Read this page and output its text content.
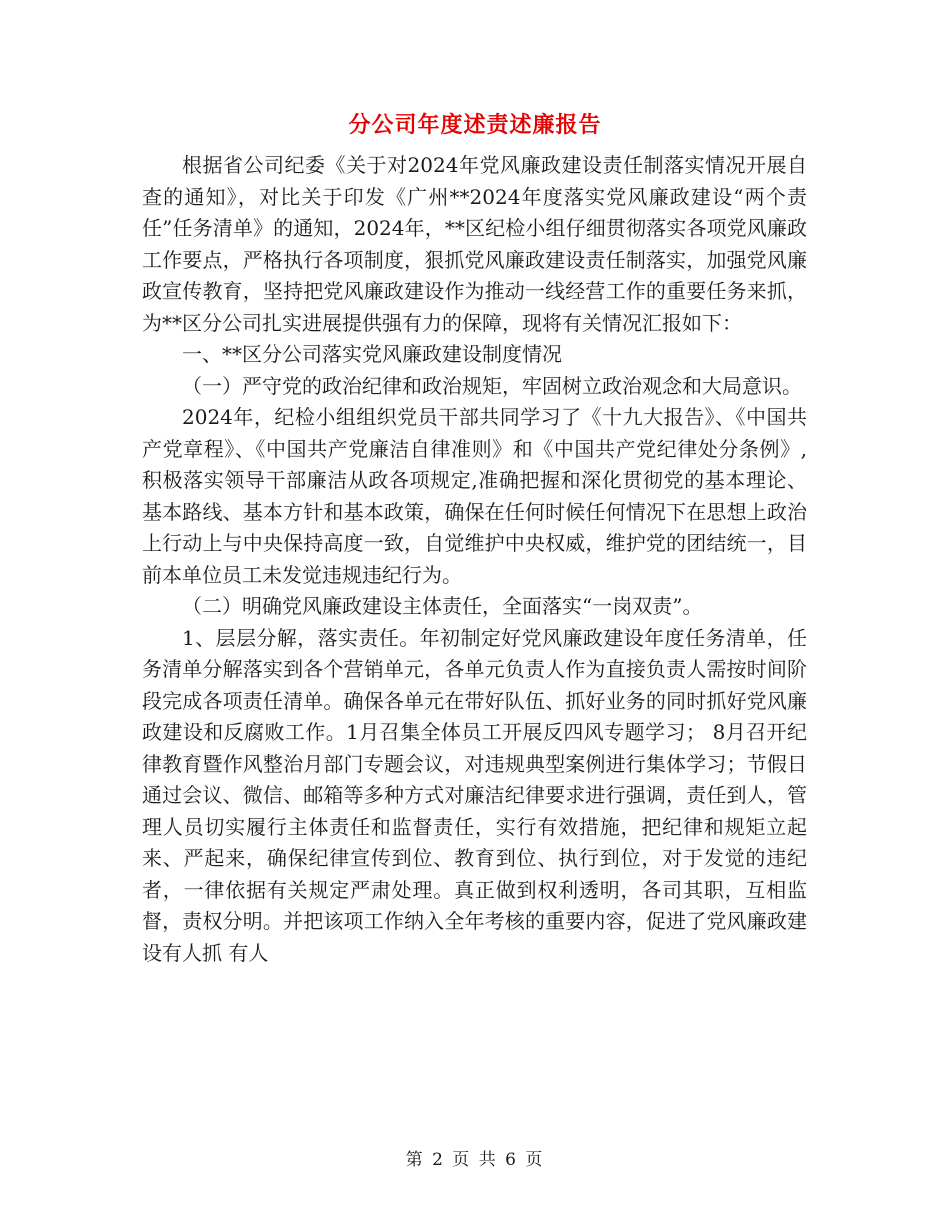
分公司年度述责述廉报告

根据省公司纪委《关于对2024年党风廉政建设责任制落实情况开展自查的通知》，对比关于印发《广州**2024年度落实党风廉政建设“两个责任”任务清单》的通知，2024年，**区纪检小组仔细贯彻落实各项党风廉政工作要点，严格执行各项制度，狠抓党风廉政建设责任制落实，加强党风廉政宣传教育，坚持把党风廉政建设作为推动一线经营工作的重要任务来抓，为**区分公司扎实进展提供强有力的保障，现将有关情况汇报如下：

一、**区分公司落实党风廉政建设制度情况

（一）严守党的政治纪律和政治规矩，牢固树立政治观念和大局意识。

2024年，纪检小组组织党员干部共同学习了《十九大报告》、《中国共产党章程》、《中国共产党廉洁自律准则》和《中国共产党纪律处分条例》,积极落实领导干部廉洁从政各项规定,准确把握和深化贯彻党的基本理论、基本路线、基本方针和基本政策，确保在任何时候任何情况下在思想上政治上行动上与中央保持高度一致，自觉维护中央权威，维护党的团结统一，目前本单位员工未发觉违规违纪行为。

（二）明确党风廉政建设主体责任，全面落实“一岗双责”。

1、层层分解，落实责任。年初制定好党风廉政建设年度任务清单，任务清单分解落实到各个营销单元，各单元负责人作为直接负责人需按时间阶段完成各项责任清单。确保各单元在带好队伍、抓好业务的同时抓好党风廉政建设和反腐败工作。1月召集全体员工开展反四风专题学习； 8月召开纪律教育暨作风整治月部门专题会议，对违规典型案例进行集体学习；节假日通过会议、微信、邮箱等多种方式对廉洁纪律要求进行强调，责任到人，管理人员切实履行主体责任和监督责任，实行有效措施，把纪律和规矩立起来、严起来，确保纪律宣传到位、教育到位、执行到位，对于发觉的违纪者，一律依据有关规定严肃处理。真正做到权利透明，各司其职，互相监督，责权分明。并把该项工作纳入全年考核的重要内容，促进了党风廉政建设有人抓 有人

第 2 页 共 6 页
